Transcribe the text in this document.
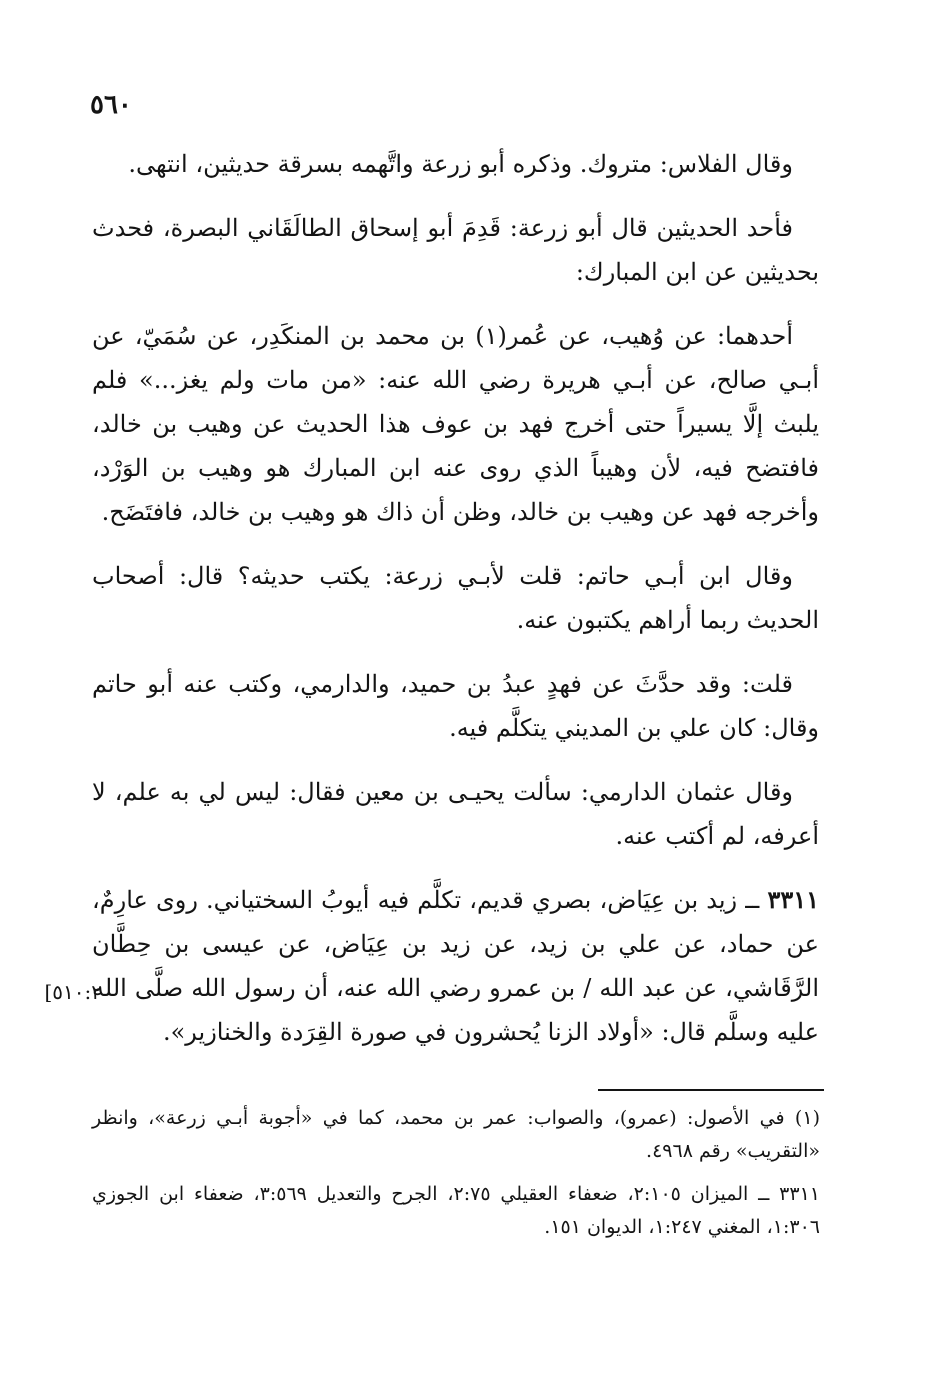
٥٦٠

وقال الفلاس: متروك. وذكره أبو زرعة واتَّهمه بسرقة حديثين، انتهى.

فأحد الحديثين قال أبو زرعة: قَدِمَ أبو إسحاق الطالَقَاني البصرة، فحدث بحديثين عن ابن المبارك:

أحدهما: عن وُهيب، عن عُمر(١) بن محمد بن المنكَدِر، عن سُمَيّ، عن أبـي صالح، عن أبـي هريرة رضي الله عنه: «من مات ولم يغز...» فلم يلبث إلَّا يسيراً حتى أخرج فهد بن عوف هذا الحديث عن وهيب بن خالد، فافتضح فيه، لأن وهيباً الذي روى عنه ابن المبارك هو وهيب بن الوَرْد، وأخرجه فهد عن وهيب بن خالد، وظن أن ذاك هو وهيب بن خالد، فافتَضَح.

وقال ابن أبـي حاتم: قلت لأبـي زرعة: يكتب حديثه؟ قال: أصحاب الحديث ربما أراهم يكتبون عنه.

قلت: وقد حدَّثَ عن فهدٍ عبدُ بن حميد، والدارمي، وكتب عنه أبو حاتم وقال: كان علي بن المديني يتكلَّم فيه.

وقال عثمان الدارمي: سألت يحيـى بن معين فقال: ليس لي به علم، لا أعرفه، لم أكتب عنه.

٣٣١١ ــ زيد بن عِيَاض، بصري قديم، تكلَّم فيه أيوبُ السختياني. روى عارِمٌ، عن حماد، عن علي بن زيد، عن زيد بن عِيَاض، عن عيسى بن حِطَّان الرَّقَاشي، عن عبد الله / بن عمرو رضي الله عنه، أن رسول الله صلَّى الله عليه وسلَّم قال: «أولاد الزنا يُحشرون في صورة القِرَدة والخنازير».

[٥١٠:٢

(١) في الأصول: (عمرو)، والصواب: عمر بن محمد، كما في «أجوبة أبـي زرعة»، وانظر «التقريب» رقم ٤٩٦٨.

٣٣١١ ــ الميزان ٢:١٠٥، ضعفاء العقيلي ٢:٧٥، الجرح والتعديل ٣:٥٦٩، ضعفاء ابن الجوزي ١:٣٠٦، المغني ١:٢٤٧، الديوان ١٥١.
